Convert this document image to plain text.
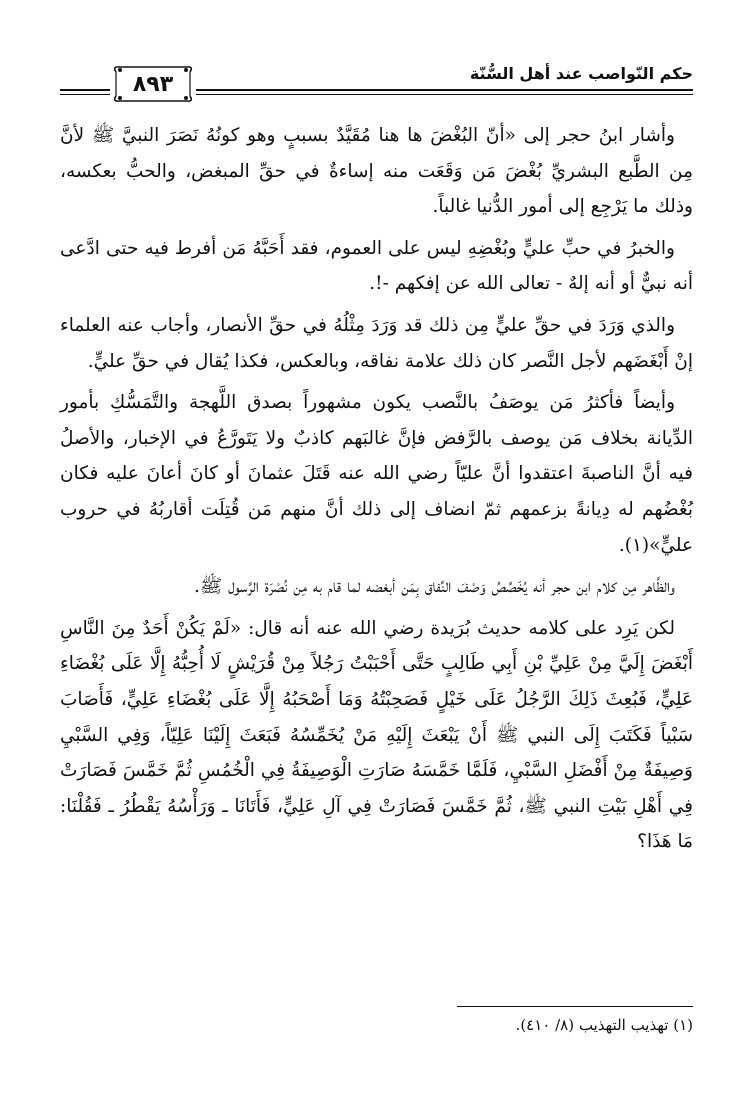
حكم النّواصب عند أهل السُّنّة
٨٩٣

وأشار ابنُ حجر إلى «أنّ البُغْضَ ها هنا مُقَيَّدٌ بسببٍ وهو كونُهُ نَصَرَ النبيَّ ﷺ لأنَّ مِن الطَّبع البشريِّ بُغْضَ مَن وَقَعَت منه إساءةٌ في حقِّ المبغض، والحبُّ بعكسه، وذلك ما يَرْجِع إلى أمور الدُّنيا غالباً.

والخبرُ في حبِّ عليٍّ وبُغْضِهِ ليس على العموم، فقد أَحَبَّهُ مَن أفرط فيه حتى ادَّعى أنه نبيٌّ أو أنه إلهٌ - تعالى الله عن إفكهم -!.

والذي وَرَدَ في حقِّ عليٍّ مِن ذلك قد وَرَدَ مِثْلُهُ في حقِّ الأنصار، وأجاب عنه العلماء إنْ أَبْغَضَهم لأجل النَّصر كان ذلك علامة نفاقه، وبالعكس، فكذا يُقال في حقِّ عليٍّ.

وأيضاً فأكثرُ مَن يوصَفُ بالنَّصب يكون مشهوراً بصدق اللَّهجة والتَّمَسُّكِ بأمور الدِّيانة بخلاف مَن يوصف بالرَّفض فإنَّ غالبَهم كاذبٌ ولا يَتَورَّعُ في الإخبار، والأصلُ فيه أنَّ الناصبةَ اعتقدوا أنَّ عليّاً رضي الله عنه قَتَلَ عثمانَ أو كانَ أعانَ عليه فكان بُغْضُهم له دِيانةً بزعمهم ثمّ انضاف إلى ذلك أنَّ منهم مَن قُتِلَت أقاربُهُ في حروب عليٍّ»(١).

والظَّاهر مِن كلام ابن حجر أنه يُخَصِّصُ وَصْفَ النِّفاق بِمَن أبغضه لما قام به مِن نُصْرَة الرَّسول ﷺ.

لكن يَرِد على كلامه حديث بُرَيدة رضي الله عنه أنه قال: «لَمْ يَكُنْ أَحَدٌ مِنَ النَّاسِ أَبْغَضَ إِلَيَّ مِنْ عَلِيِّ بْنِ أَبِي طَالِبٍ حَتَّى أَحْبَبْتُ رَجُلاً مِنْ قُرَيْشٍ لَا أُحِبُّهُ إِلَّا عَلَى بُغْضَاءِ عَلِيٍّ، فَبُعِثَ ذَلِكَ الرَّجُلُ عَلَى خَيْلٍ فَصَحِبْتُهُ وَمَا أَصْحَبُهُ إِلَّا عَلَى بُغْضَاءِ عَلِيٍّ، فَأَصَابَ سَبْياً فَكَتَبَ إِلَى النبي ﷺ أَنْ يَبْعَثَ إِلَيْهِ مَنْ يُخَمِّسُهُ فَبَعَثَ إِلَيْنَا عَلِيّاً، وَفِي السَّبْيِ وَصِيفَةٌ مِنْ أَفْضَلِ السَّبْيِ، فَلَمَّا خَمَّسَهُ صَارَتِ الْوَصِيفَةُ فِي الْخُمُسِ ثُمَّ خَمَّسَ فَصَارَتْ فِي أَهْلِ بَيْتِ النبي ﷺ، ثُمَّ خَمَّسَ فَصَارَتْ فِي آلِ عَلِيٍّ، فَأَتَانَا ـ وَرَأْسُهُ يَقْطُرُ ـ فَقُلْنَا: مَا هَذَا؟

(١) تهذيب التهذيب (٨/ ٤١٠).
